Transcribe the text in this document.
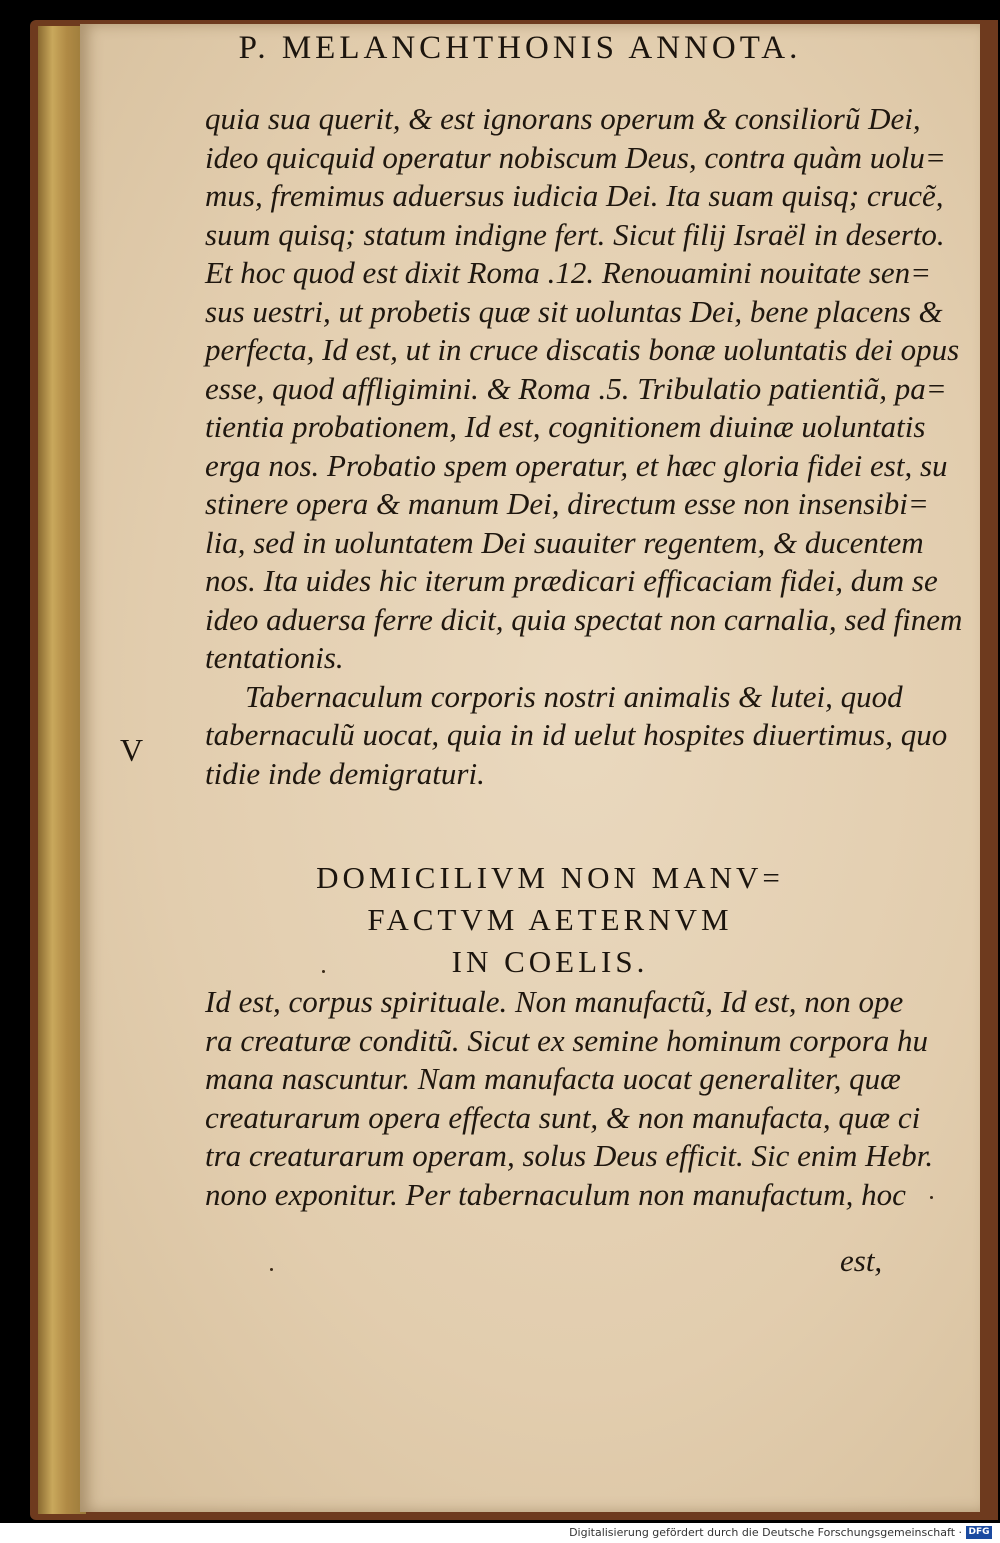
P. MELANCHTHONIS ANNOTA.
quia sua querit, & est ignorans operum & consiliorũ Dei,
ideo quicquid operatur nobiscum Deus, contra quàm uolu=
mus, fremimus aduersus iudicia Dei. Ita suam quisq; crucẽ,
suum quisq; statum indigne fert. Sicut filij Israël in deserto.
Et hoc quod est dixit Roma .12. Renouamini nouitate sen=
sus uestri, ut probetis quæ sit uoluntas Dei, bene placens &
perfecta, Id est, ut in cruce discatis bonæ uoluntatis dei opus
esse, quod affligimini. & Roma .5. Tribulatio patientiã, pa=
tientia probationem, Id est, cognitionem diuinæ uoluntatis
erga nos. Probatio spem operatur, et hæc gloria fidei est, su
stinere opera & manum Dei, directum esse non insensibi=
lia, sed in uoluntatem Dei suauiter regentem, & ducentem
nos. Ita uides hic iterum prædicari efficaciam fidei, dum se
ideo aduersa ferre dicit, quia spectat non carnalia, sed finem
tentationis.
Tabernaculum corporis nostri animalis & lutei, quod
tabernaculũ uocat, quia in id uelut hospites diuertimus, quo
tidie inde demigraturi.
V
DOMICILIVM NON MANV=
FACTVM AETERNVM
IN COELIS.
Id est, corpus spirituale. Non manufactũ, Id est, non ope
ra creaturæ conditũ. Sicut ex semine hominum corpora hu
mana nascuntur. Nam manufacta uocat generaliter, quæ
creaturarum opera effecta sunt, & non manufacta, quæ ci
tra creaturarum operam, solus Deus efficit. Sic enim Hebr.
nono exponitur. Per tabernaculum non manufactum, hoc
est,
Digitalisierung gefördert durch die Deutsche Forschungsgemeinschaft · DFG
